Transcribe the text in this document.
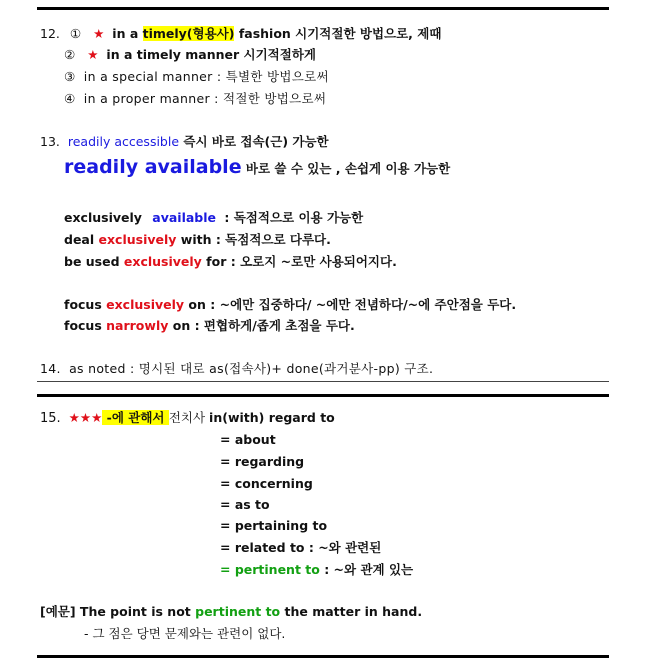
12. ① ★ in a timely(형용사) fashion 시기적절한 방법으로, 제때
② ★ in a timely manner 시기적절하게
③ in a special manner : 특별한 방법으로써
④ in a proper manner : 적절한 방법으로써
13. readily accessible 즉시 바로 접속(근) 가능한
readily available 바로 쓸 수 있는 , 손쉽게 이용 가능한
exclusively available : 독점적으로 이용 가능한
deal exclusively with : 독점적으로 다루다.
be used exclusively for : 오로지 ~로만 사용되어지다.
focus exclusively on : ~에만 집중하다/ ~에만 전념하다/~에 주안점을 두다.
focus narrowly on : 편협하게/좁게 초점을 두다.
14. as noted : 명시된 대로 as(접속사)+ done(과거분사-pp) 구조.
15. ★★★ -에 관해서 전치사 in(with) regard to
= about
= regarding
= concerning
= as to
= pertaining to
= related to : ~와 관련된
= pertinent to : ~와 관계 있는
[예문] The point is not pertinent to the matter in hand.
- 그 점은 당면 문제와는 관련이 없다.
